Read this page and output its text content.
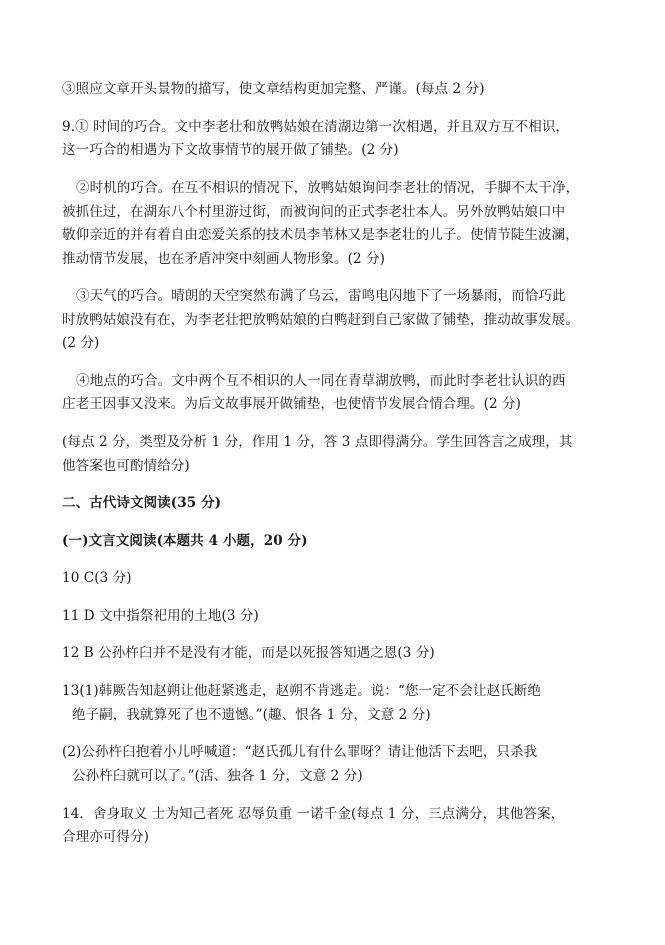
③照应文章开头景物的描写，使文章结构更加完整、严谨。(每点 2 分)
9.① 时间的巧合。文中李老壮和放鸭姑娘在清湖边第一次相遇，并且双方互不相识，
这一巧合的相遇为下文故事情节的展开做了铺垫。(2 分)
②时机的巧合。在互不相识的情况下，放鸭姑娘询问李老壮的情况，手脚不太干净，
被抓住过，在湖东八个村里游过街，而被询问的正式李老壮本人。另外放鸭姑娘口中
敬仰亲近的并有着自由恋爱关系的技术员李苇林又是李老壮的儿子。使情节陡生波澜，
推动情节发展，也在矛盾冲突中刻画人物形象。(2 分)
③天气的巧合。晴朗的天空突然布满了乌云，雷鸣电闪地下了一场暴雨，而恰巧此
时放鸭姑娘没有在，为李老壮把放鸭姑娘的白鸭赶到自己家做了铺垫，推动故事发展。
(2 分)
④地点的巧合。文中两个互不相识的人一同在青草湖放鸭，而此时李老壮认识的西
庄老王因事又没来。为后文故事展开做铺垫，也使情节发展合情合理。(2 分)
(每点 2 分，类型及分析 1 分，作用 1 分，答 3 点即得满分。学生回答言之成理，其
他答案也可酌情给分)
二、古代诗文阅读(35 分)
(一)文言文阅读(本题共 4 小题，20 分)
10 C(3 分)
11 D 文中指祭祀用的土地(3 分)
12 B 公孙杵臼并不是没有才能，而是以死报答知遇之恩(3 分)
13(1)韩厥告知赵朔让他赶紧逃走，赵朔不肯逃走。说：“您一定不会让赵氏断绝
绝子嗣，我就算死了也不遗憾。”(趣、恨各 1 分，文意 2 分)
(2)公孙杵臼抱着小儿呼喊道：“赵氏孤儿有什么罪呀？请让他活下去吧，只杀我
公孙杵臼就可以了。”(活、独各 1 分，文意 2 分)
14．舍身取义 士为知己者死 忍辱负重 一诺千金(每点 1 分，三点满分，其他答案，
合理亦可得分)
